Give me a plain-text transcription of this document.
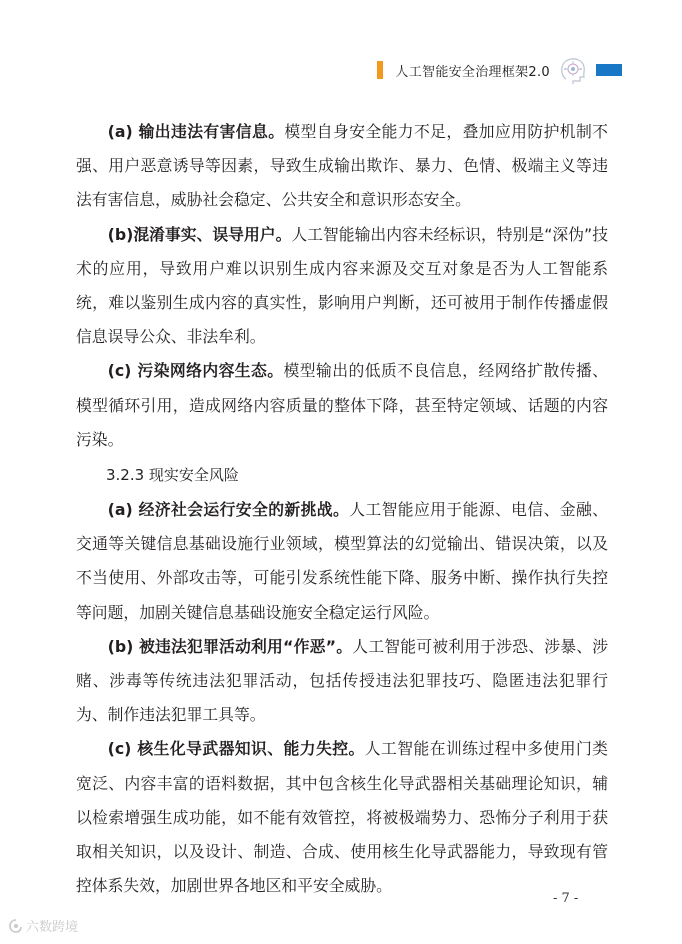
人工智能安全治理框架2.0

(a) 输出违法有害信息。模型自身安全能力不足，叠加应用防护机制不强、用户恶意诱导等因素，导致生成输出欺诈、暴力、色情、极端主义等违法有害信息，威胁社会稳定、公共安全和意识形态安全。

(b)混淆事实、误导用户。人工智能输出内容未经标识，特别是“深伪”技术的应用，导致用户难以识别生成内容来源及交互对象是否为人工智能系统，难以鉴别生成内容的真实性，影响用户判断，还可被用于制作传播虚假信息误导公众、非法牟利。

(c) 污染网络内容生态。模型输出的低质不良信息，经网络扩散传播、模型循环引用，造成网络内容质量的整体下降，甚至特定领域、话题的内容污染。

3.2.3 现实安全风险

(a) 经济社会运行安全的新挑战。人工智能应用于能源、电信、金融、交通等关键信息基础设施行业领域，模型算法的幻觉输出、错误决策，以及不当使用、外部攻击等，可能引发系统性能下降、服务中断、操作执行失控等问题，加剧关键信息基础设施安全稳定运行风险。

(b) 被违法犯罪活动利用“作恶”。人工智能可被利用于涉恐、涉暴、涉赌、涉毒等传统违法犯罪活动，包括传授违法犯罪技巧、隐匿违法犯罪行为、制作违法犯罪工具等。

(c) 核生化导武器知识、能力失控。人工智能在训练过程中多使用门类宽泛、内容丰富的语料数据，其中包含核生化导武器相关基础理论知识，辅以检索增强生成功能，如不能有效管控，将被极端势力、恐怖分子利用于获取相关知识，以及设计、制造、合成、使用核生化导武器能力，导致现有管控体系失效，加剧世界各地区和平安全威胁。

- 7 -
六数跨境
